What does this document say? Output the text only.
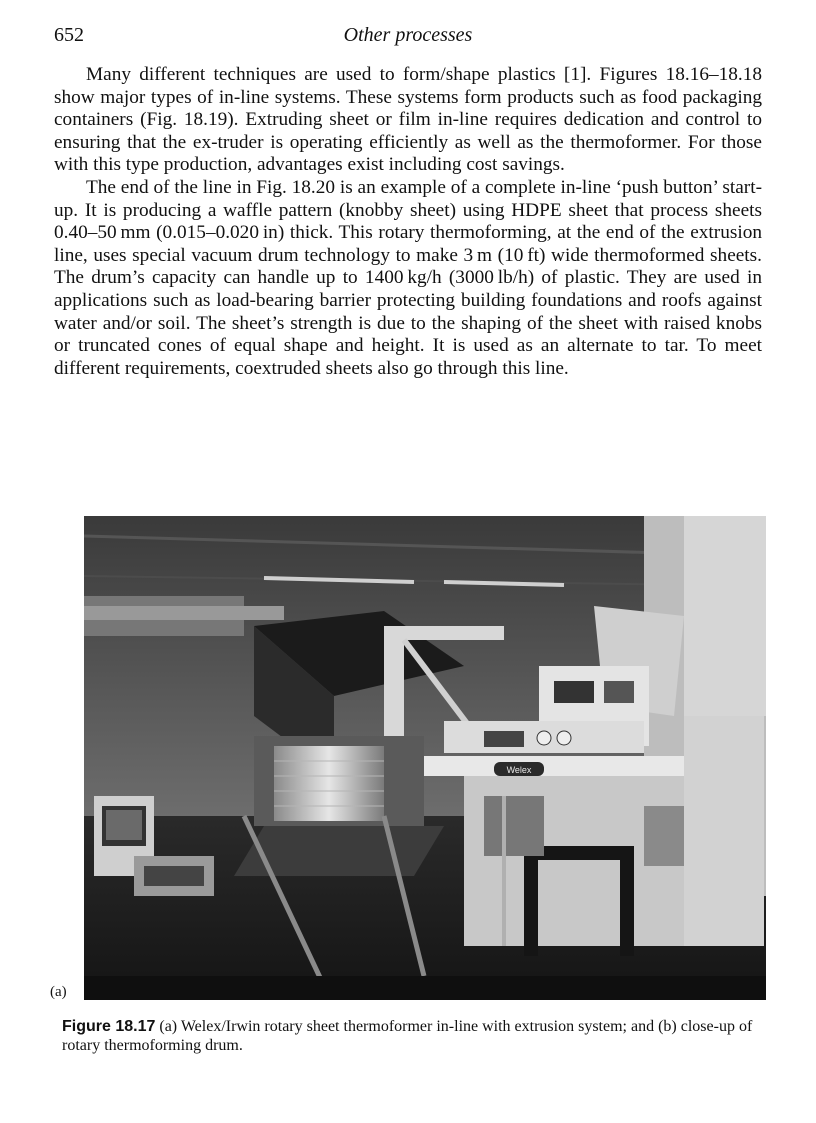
652	Other processes

Many different techniques are used to form/shape plastics [1]. Figures 18.16–18.18 show major types of in-line systems. These systems form products such as food packaging containers (Fig. 18.19). Extruding sheet or film in-line requires dedication and control to ensuring that the ex-truder is operating efficiently as well as the thermoformer. For those with this type production, advantages exist including cost savings.

The end of the line in Fig. 18.20 is an example of a complete in-line ‘push button’ start-up. It is producing a waffle pattern (knobby sheet) using HDPE sheet that process sheets 0.40–50 mm (0.015–0.020 in) thick. This rotary thermoforming, at the end of the extrusion line, uses special vacuum drum technology to make 3 m (10 ft) wide thermoformed sheets. The drum’s capacity can handle up to 1400 kg/h (3000 lb/h) of plastic. They are used in applications such as load-bearing barrier protecting building foundations and roofs against water and/or soil. The sheet’s strength is due to the shaping of the sheet with raised knobs or truncated cones of equal shape and height. It is used as an alternate to tar. To meet different requirements, coextruded sheets also go through this line.

Welex
(a)
Figure 18.17 (a) Welex/Irwin rotary sheet thermoformer in-line with extrusion system; and (b) close-up of rotary thermoforming drum.
